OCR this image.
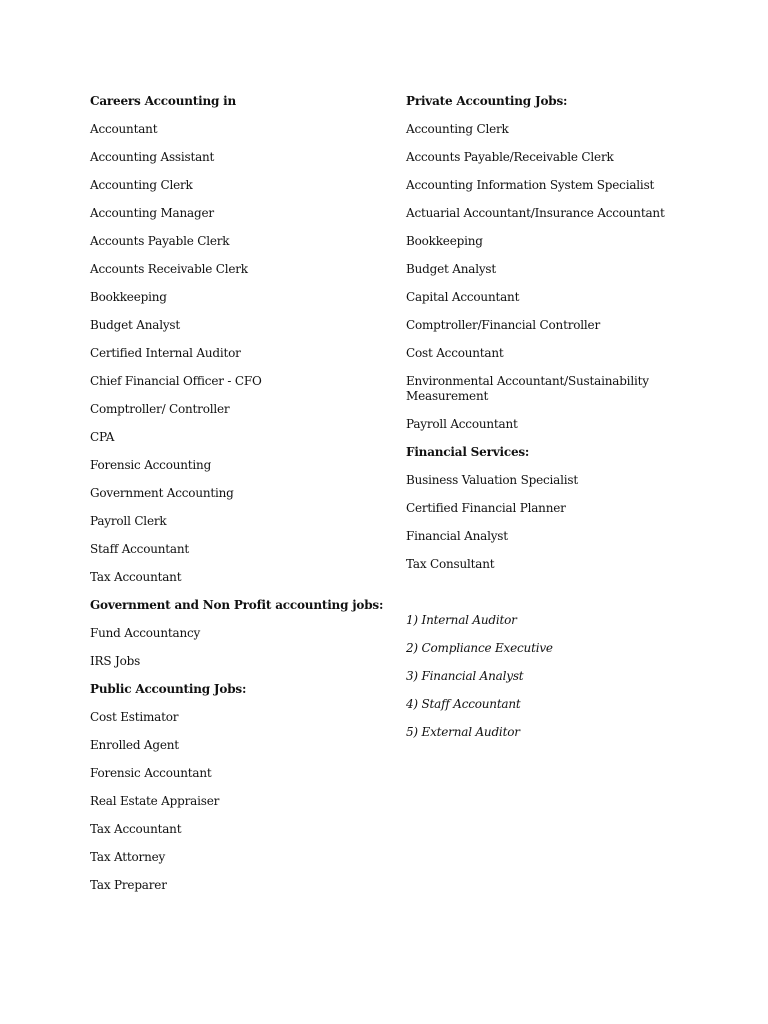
Careers Accounting in
Accountant
Accounting Assistant
Accounting Clerk
Accounting Manager
Accounts Payable Clerk
Accounts Receivable Clerk
Bookkeeping
Budget Analyst
Certified Internal Auditor
Chief Financial Officer - CFO
Comptroller/ Controller
CPA
Forensic Accounting
Government Accounting
Payroll Clerk
Staff Accountant
Tax Accountant
Government and Non Profit accounting jobs:
Fund Accountancy
IRS Jobs
Public Accounting Jobs:
Cost Estimator
Enrolled Agent
Forensic Accountant
Real Estate Appraiser
Tax Accountant
Tax Attorney
Tax Preparer
Private Accounting Jobs:
Accounting Clerk
Accounts Payable/Receivable Clerk
Accounting Information System Specialist
Actuarial Accountant/Insurance Accountant
Bookkeeping
Budget Analyst
Capital Accountant
Comptroller/Financial Controller
Cost Accountant
Environmental Accountant/Sustainability Measurement
Payroll Accountant
Financial Services:
Business Valuation Specialist
Certified Financial Planner
Financial Analyst
Tax Consultant
1) Internal Auditor
2) Compliance Executive
3) Financial Analyst
4) Staff Accountant
5) External Auditor
